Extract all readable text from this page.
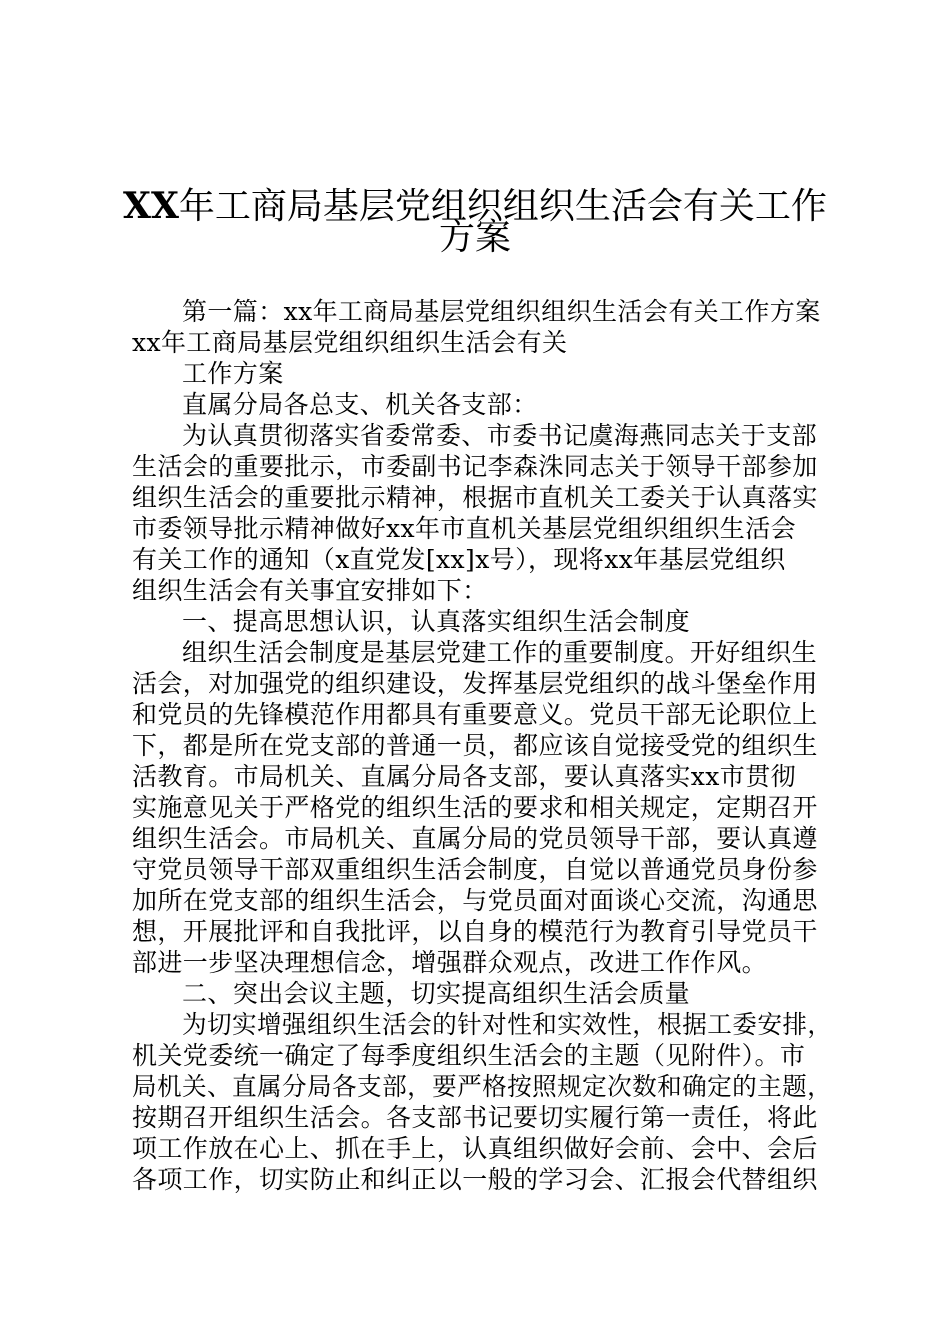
XX年工商局基层党组织组织生活会有关工作
方案
第一篇：xx年工商局基层党组织组织生活会有关工作方案
xx年工商局基层党组织组织生活会有关
工作方案
直属分局各总支、机关各支部：
为认真贯彻落实省委常委、市委书记虞海燕同志关于支部
生活会的重要批示，市委副书记李森洙同志关于领导干部参加
组织生活会的重要批示精神，根据市直机关工委关于认真落实
市委领导批示精神做好xx年市直机关基层党组织组织生活会
有关工作的通知（x直党发[xx]x号），现将xx年基层党组织
组织生活会有关事宜安排如下：
一、提高思想认识，认真落实组织生活会制度
组织生活会制度是基层党建工作的重要制度。开好组织生
活会，对加强党的组织建设，发挥基层党组织的战斗堡垒作用
和党员的先锋模范作用都具有重要意义。党员干部无论职位上
下，都是所在党支部的普通一员，都应该自觉接受党的组织生
活教育。市局机关、直属分局各支部，要认真落实xx市贯彻
实施意见关于严格党的组织生活的要求和相关规定，定期召开
组织生活会。市局机关、直属分局的党员领导干部，要认真遵
守党员领导干部双重组织生活会制度，自觉以普通党员身份参
加所在党支部的组织生活会，与党员面对面谈心交流，沟通思
想，开展批评和自我批评，以自身的模范行为教育引导党员干
部进一步坚决理想信念，增强群众观点，改进工作作风。
二、突出会议主题，切实提高组织生活会质量
为切实增强组织生活会的针对性和实效性，根据工委安排，
机关党委统一确定了每季度组织生活会的主题（见附件）。市
局机关、直属分局各支部，要严格按照规定次数和确定的主题，
按期召开组织生活会。各支部书记要切实履行第一责任，将此
项工作放在心上、抓在手上，认真组织做好会前、会中、会后
各项工作，切实防止和纠正以一般的学习会、汇报会代替组织
